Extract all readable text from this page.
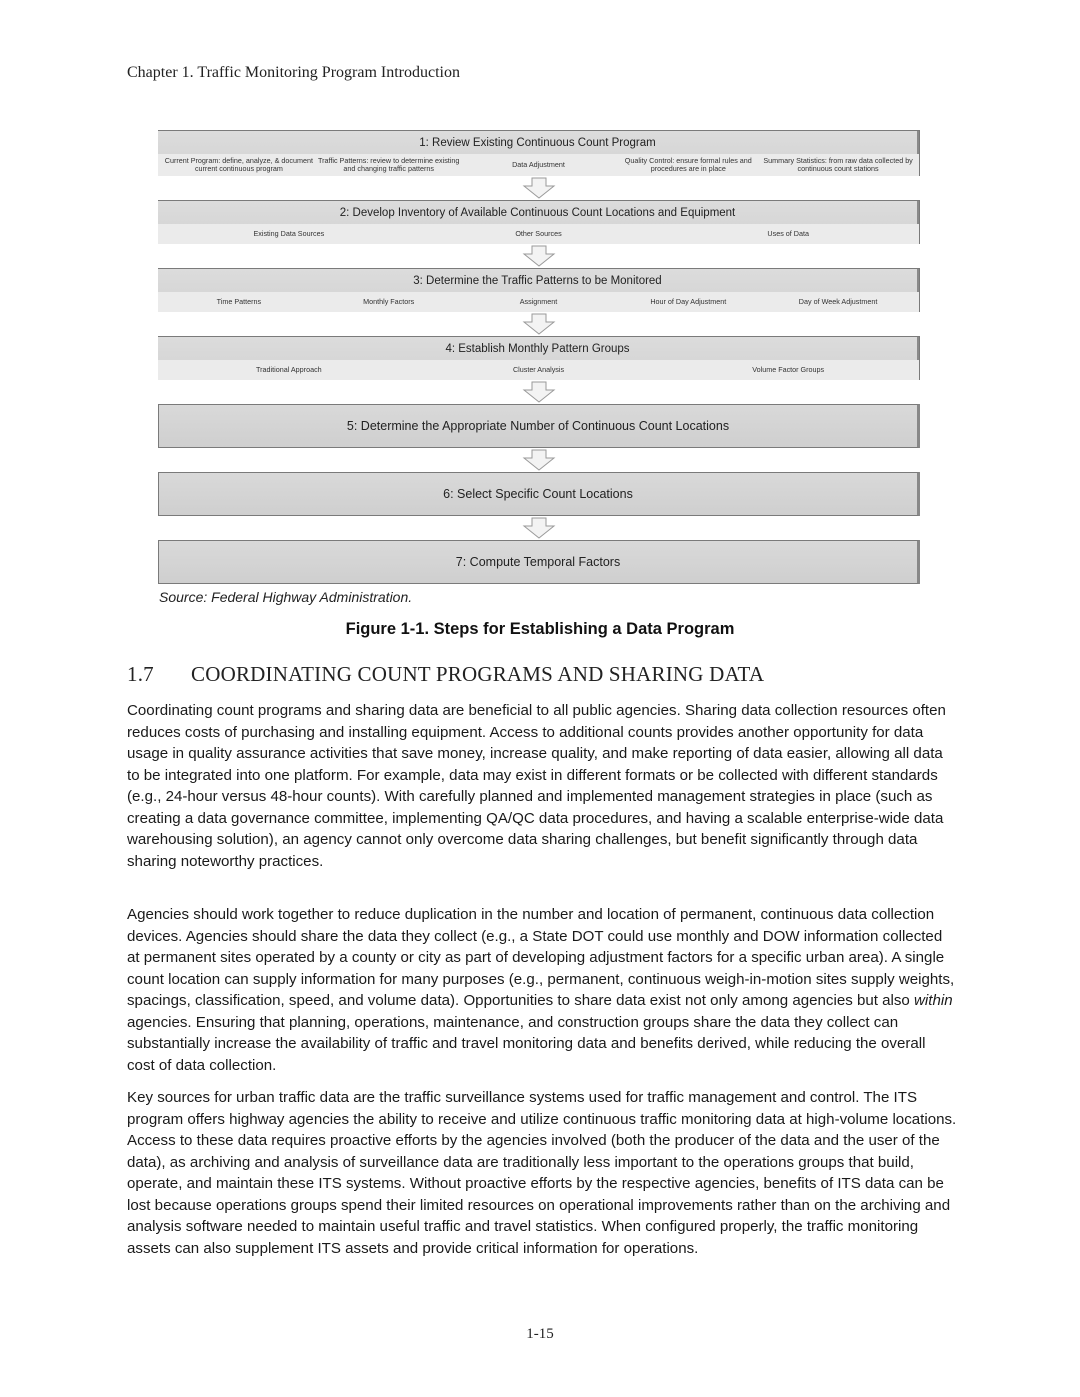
Chapter 1. Traffic Monitoring Program Introduction
1: Review Existing Continuous Count Program
Current Program: define, analyze, & document current continuous program
Traffic Patterns: review to determine existing and changing traffic patterns	Data Adjustment	Quality Control: ensure formal rules and procedures are in place
Summary Statistics: from raw data collected by continuous count stations
2: Develop Inventory of Available Continuous Count Locations and Equipment
Existing Data Sources	Other Sources	Uses of Data
3: Determine the Traffic Patterns to be Monitored
Time Patterns	Monthly Factors	Assignment	Hour of Day Adjustment	Day of Week Adjustment
4: Establish Monthly Pattern Groups
Traditional Approach	Cluster Analysis	Volume Factor Groups
5: Determine the Appropriate Number of Continuous Count Locations
6: Select Specific Count Locations
7: Compute Temporal Factors
Source: Federal Highway Administration.
Figure 1-1. Steps for Establishing a Data Program
1.7 COORDINATING COUNT PROGRAMS AND SHARING DATA

Coordinating count programs and sharing data are beneficial to all public agencies. Sharing data collection resources often reduces costs of purchasing and installing equipment. Access to additional counts provides another opportunity for data usage in quality assurance activities that save money, increase quality, and make reporting of data easier, allowing all data to be integrated into one platform. For example, data may exist in different formats or be collected with different standards (e.g., 24-hour versus 48-hour counts). With carefully planned and implemented management strategies in place (such as creating a data governance committee, implementing QA/QC data procedures, and having a scalable enterprise-wide data warehousing solution), an agency cannot only overcome data sharing challenges, but benefit significantly through data sharing noteworthy practices.

Agencies should work together to reduce duplication in the number and location of permanent, continuous data collection devices. Agencies should share the data they collect (e.g., a State DOT could use monthly and DOW information collected at permanent sites operated by a county or city as part of developing adjustment factors for a specific urban area). A single count location can supply information for many purposes (e.g., permanent, continuous weigh-in-motion sites supply weights, spacings, classification, speed, and volume data). Opportunities to share data exist not only among agencies but also within agencies. Ensuring that planning, operations, maintenance, and construction groups share the data they collect can substantially increase the availability of traffic and travel monitoring data and benefits derived, while reducing the overall cost of data collection.

Key sources for urban traffic data are the traffic surveillance systems used for traffic management and control. The ITS program offers highway agencies the ability to receive and utilize continuous traffic monitoring data at high-volume locations. Access to these data requires proactive efforts by the agencies involved (both the producer of the data and the user of the data), as archiving and analysis of surveillance data are traditionally less important to the operations groups that build, operate, and maintain these ITS systems. Without proactive efforts by the respective agencies, benefits of ITS data can be lost because operations groups spend their limited resources on operational improvements rather than on the archiving and analysis software needed to maintain useful traffic and travel statistics. When configured properly, the traffic monitoring assets can also supplement ITS assets and provide critical information for operations.

1-15
